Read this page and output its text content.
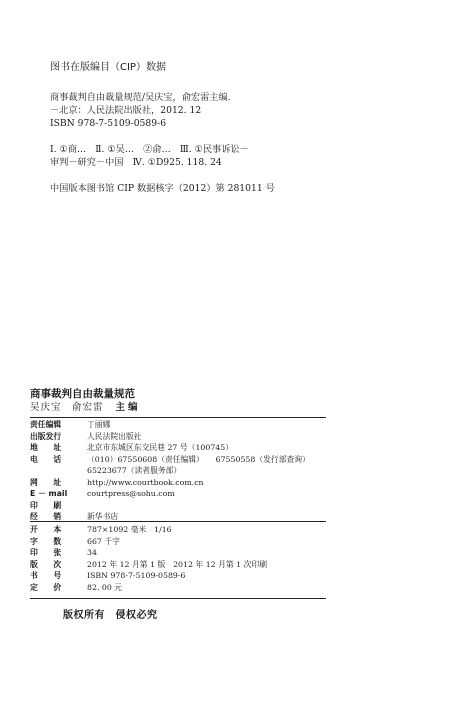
图书在版编目（CIP）数据
商事裁判自由裁量规范/吴庆宝，俞宏雷主编.
－北京：人民法院出版社，2012. 12
ISBN 978-7-5109-0589-6
Ⅰ. ①商…　Ⅱ. ①吴…　②俞…　Ⅲ. ①民事诉讼－
审判－研究－中国　Ⅳ. ①D925. 118. 24
中国版本图书馆 CIP 数据核字（2012）第 281011 号
商事裁判自由裁量规范
吴庆宝　俞宏雷 主编
责任编辑	丁丽娜
出版发行	人民法院出版社
地　　址	北京市东城区东交民巷 27 号（100745）
电　　话	（010）67550608（责任编辑）　　67550558（发行部查询）
65223677（读者服务部）
网　　址	http://www.courtbook.com.cn
E － mail	courtpress@sohu.com
印　　刷
经　　销	新华书店
开　　本	787×1092 毫米　1/16
字　　数	667 千字
印　　张	34
版　　次	2012 年 12 月第 1 版　2012 年 12 月第 1 次印刷
书　　号	ISBN 978-7-5109-0589-6
定　　价	82. 00 元
版权所有　侵权必究
